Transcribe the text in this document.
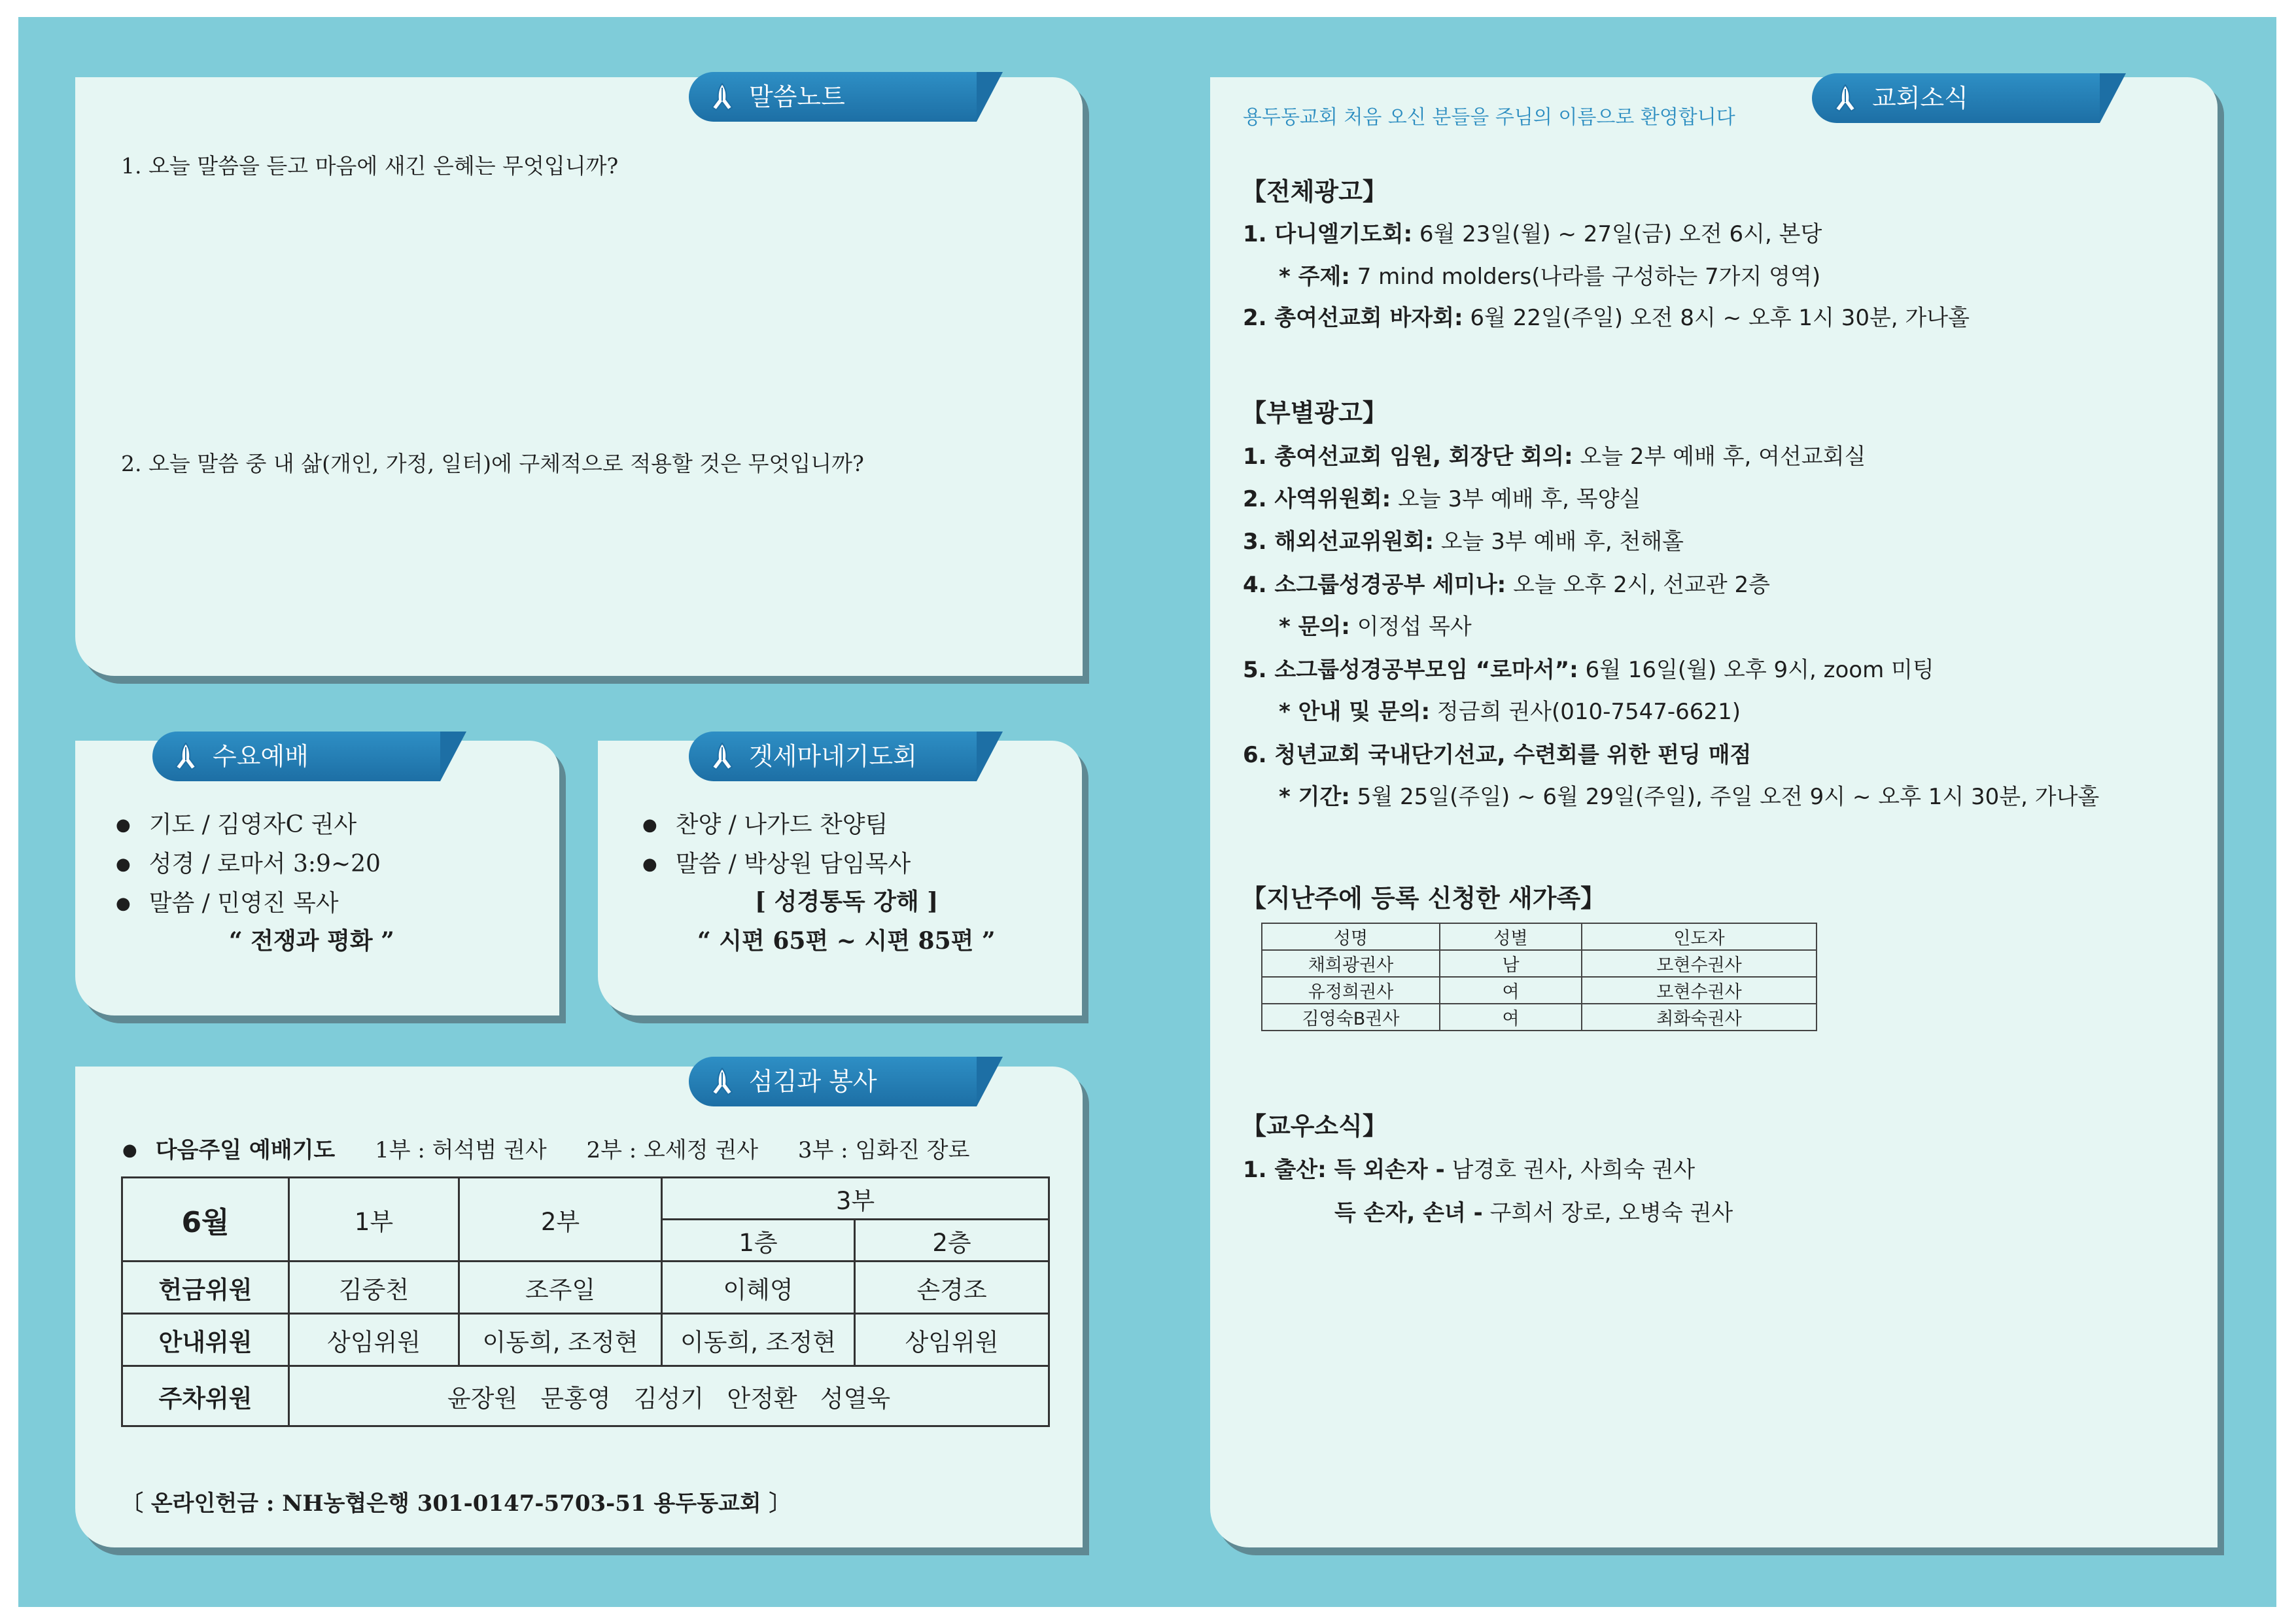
1. 오늘 말씀을 듣고 마음에 새긴 은혜는 무엇입니까?
2. 오늘 말씀 중 내 삶(개인, 가정, 일터)에 구체적으로 적용할 것은 무엇입니까?
말씀노트
● 기도 / 김영자C 권사
● 성경 / 로마서 3:9~20
● 말씀 / 민영진 목사
“ 전쟁과 평화 ”
수요예배
● 찬양 / 나가드 찬양팀
● 말씀 / 박상원 담임목사
[ 성경통독 강해 ]
“ 시편 65편 ~ 시편 85편 ”
겟세마네기도회
● 다음주일 예배기도 1부 : 허석범 권사 2부 : 오세정 권사 3부 : 임화진 장로
6월	1부	2부	3부	
			1층	2층
헌금위원	김중천	조주일	이혜영	손경조
안내위원	상임위원	이동희, 조정현	이동희, 조정현	상임위원
주차위원	윤장원   문홍영   김성기   안정환   성열욱			
〔 온라인헌금 : NH농협은행 301-0147-5703-51 용두동교회 〕
섬김과 봉사
교회소식
용두동교회 처음 오신 분들을 주님의 이름으로 환영합니다
【전체광고】
1. 다니엘기도회: 6월 23일(월) ~ 27일(금) 오전 6시, 본당
* 주제: 7 mind molders(나라를 구성하는 7가지 영역)
2. 총여선교회 바자회: 6월 22일(주일) 오전 8시 ~ 오후 1시 30분, 가나홀
【부별광고】
1. 총여선교회 임원, 회장단 회의: 오늘 2부 예배 후, 여선교회실
2. 사역위원회: 오늘 3부 예배 후, 목양실
3. 해외선교위원회: 오늘 3부 예배 후, 천해홀
4. 소그룹성경공부 세미나: 오늘 오후 2시, 선교관 2층
* 문의: 이정섭 목사
5. 소그룹성경공부모임 “로마서”: 6월 16일(월) 오후 9시, zoom 미팅
* 안내 및 문의: 정금희 권사(010-7547-6621)
6. 청년교회 국내단기선교, 수련회를 위한 펀딩 매점
* 기간: 5월 25일(주일) ~ 6월 29일(주일), 주일 오전 9시 ~ 오후 1시 30분, 가나홀
【지난주에 등록 신청한 새가족】
성명	성별	인도자
채희광권사	남	모현수권사
유정희권사	여	모현수권사
김영숙B권사	여	최화숙권사
【교우소식】
1. 출산: 득 외손자 - 남경호 권사, 사희숙 권사
득 손자, 손녀 - 구희서 장로, 오병숙 권사
